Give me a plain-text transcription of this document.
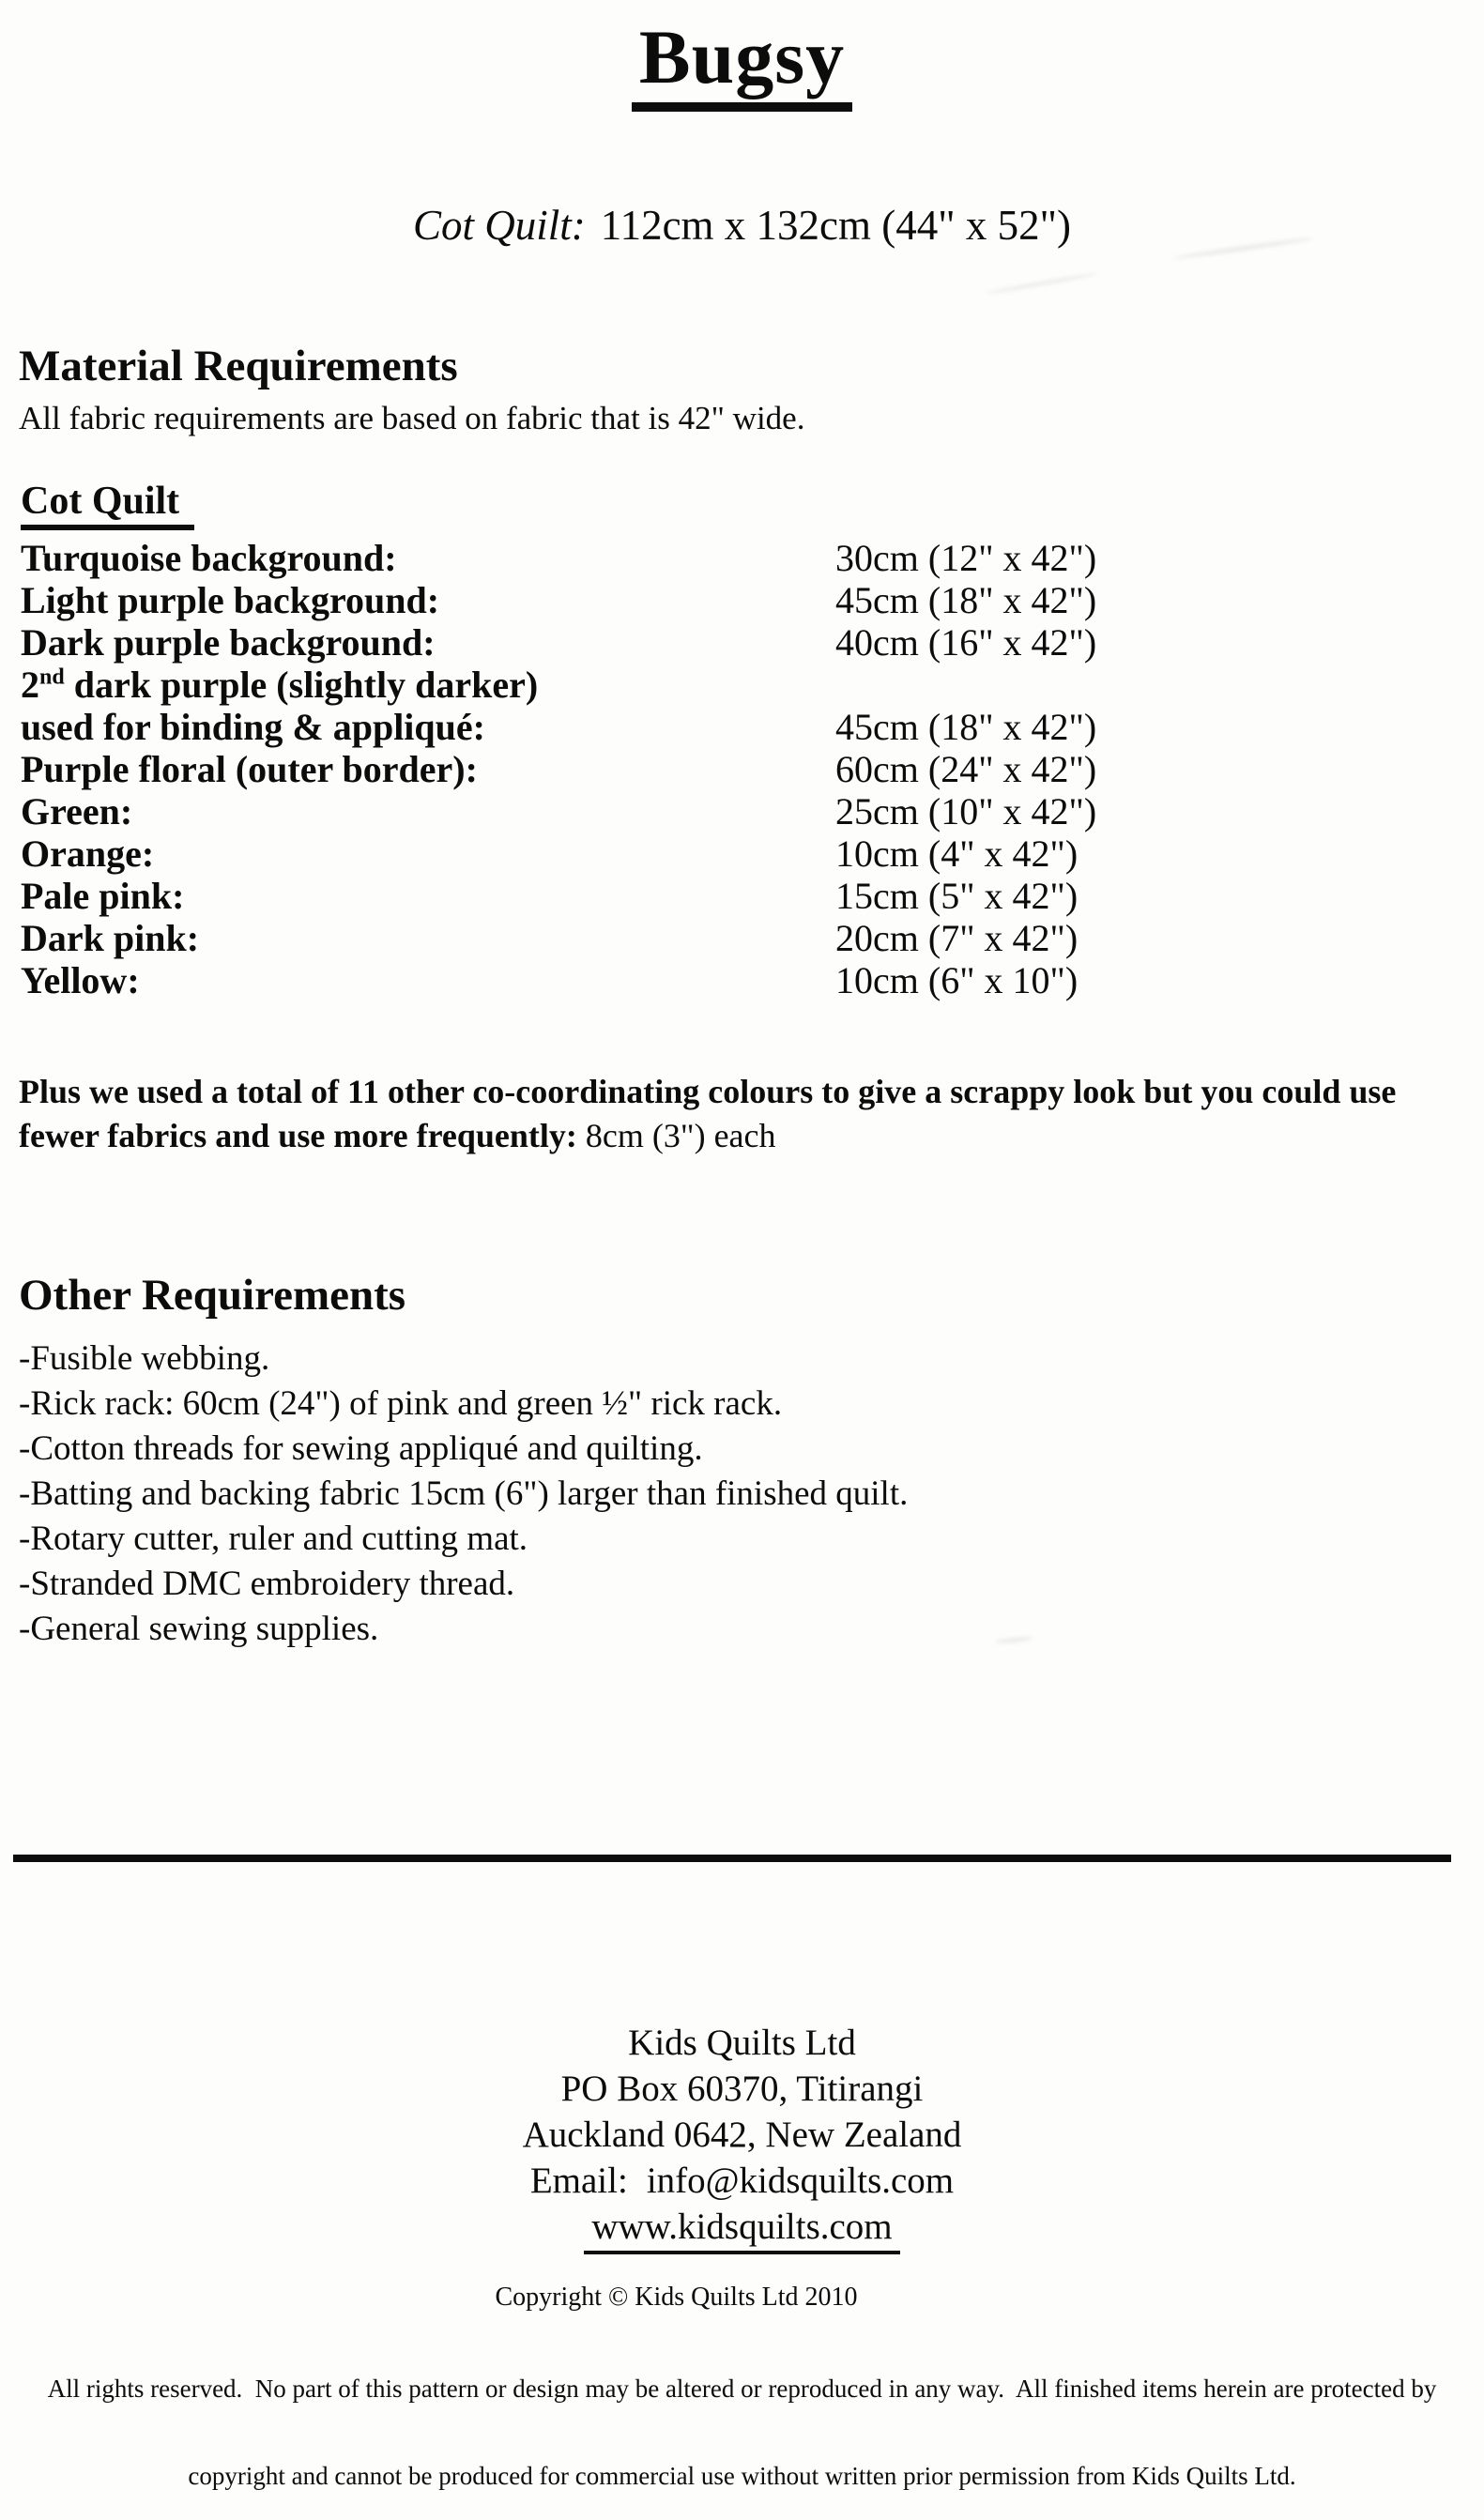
Bugsy
Cot Quilt: 112cm x 132cm (44" x 52")
Material Requirements
All fabric requirements are based on fabric that is 42" wide.
Cot Quilt
Turquoise background:	30cm (12" x 42")
Light purple background:	45cm (18" x 42")
Dark purple background:	40cm (16" x 42")
2nd dark purple (slightly darker)
used for binding & appliqué:	45cm (18" x 42")
Purple floral (outer border):	60cm (24" x 42")
Green:	25cm (10" x 42")
Orange:	10cm (4" x 42")
Pale pink:	15cm (5" x 42")
Dark pink:	20cm (7" x 42")
Yellow:	10cm (6" x 10")
Plus we used a total of 11 other co-coordinating colours to give a scrappy look but you could use fewer fabrics and use more frequently: 8cm (3") each
Other Requirements
-Fusible webbing.
-Rick rack: 60cm (24") of pink and green ½" rick rack.
-Cotton threads for sewing appliqué and quilting.
-Batting and backing fabric 15cm (6") larger than finished quilt.
-Rotary cutter, ruler and cutting mat.
-Stranded DMC embroidery thread.
-General sewing supplies.
Kids Quilts Ltd
PO Box 60370, Titirangi
Auckland 0642, New Zealand
Email: info@kidsquilts.com
www.kidsquilts.com
Copyright © Kids Quilts Ltd 2010

All rights reserved.  No part of this pattern or design may be altered or reproduced in any way.  All finished items herein are protected by

copyright and cannot be produced for commercial use without written prior permission from Kids Quilts Ltd.
